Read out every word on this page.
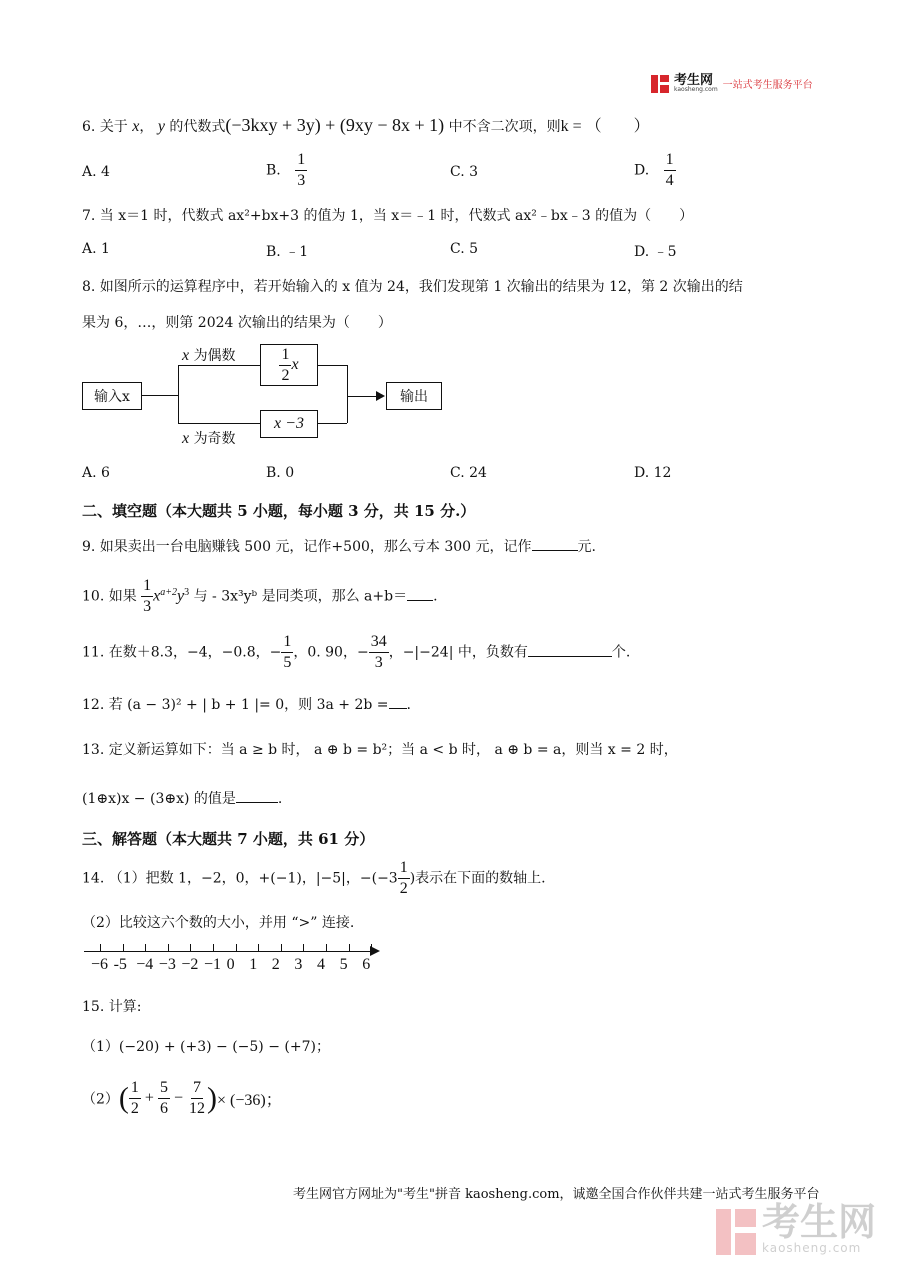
考生网
kaosheng.com 一站式考生服务平台
6. 关于 x， y 的代数式(−3kxy + 3y) + (9xy − 8x + 1) 中不含二次项，则k = （　　）
A. 4	B. $\frac{1}{3}$	C. 3	D. $\frac{1}{4}$
7. 当 x＝1 时，代数式 ax²+bx+3 的值为 1，当 x＝﹣1 时，代数式 ax²﹣bx﹣3 的值为（　　）
A. 1	B. ﹣1	C. 5	D. ﹣5
8. 如图所示的运算程序中，若开始输入的 x 值为 24，我们发现第 1 次输出的结果为 12，第 2 次输出的结
果为 6，…，则第 2024 次输出的结果为（　　）
输入x
x 为偶数
x 为奇数
$\frac{1}{2}$ x
x −3
输出
A. 6	B. 0	C. 24	D. 12
二、填空题（本大题共 5 小题，每小题 3 分，共 15 分.）
9. 如果卖出一台电脑赚钱 500 元，记作+500，那么亏本 300 元，记作	元.
10. 如果 $\frac{1}{3} x^{a+2}y^3$ 与 ‑ 3x³yᵇ 是同类项，那么 a+b＝ .
11. 在数＋8.3，−4，−0.8，− $\frac{1}{5}$ ，0. 90，− $\frac{34}{3}$ ，−|−24| 中，负数有	个.
12. 若 (a − 3)² + | b + 1 |= 0，则 3a + 2b = .
13. 定义新运算如下：当 a ≥ b 时， a ⊕ b = b²；当 a < b 时， a ⊕ b = a，则当 x = 2 时，
(1⊕x)x − (3⊕x) 的值是	.
三、解答题（本大题共 7 小题，共 61 分）
14. （1）把数 1，−2，0，+(−1)，|−5|，$-(-3 \frac{1}{2}$ )表示在下面的数轴上.
（2）比较这六个数的大小，并用 “>” 连接.
−6 -5 −4 −3 −2 −1 0 1 2 3 4 5 6
15. 计算:
（1）(−20) + (+3) − (−5) − (+7)；
$(2)( \frac{1}{2} + \frac{5}{6} - \frac{7}{12}$ )× (−36)；
考生网官方网址为"考生"拼音 kaosheng.com，诚邀全国合作伙伴共建一站式考生服务平台
考生网
kaosheng.com
